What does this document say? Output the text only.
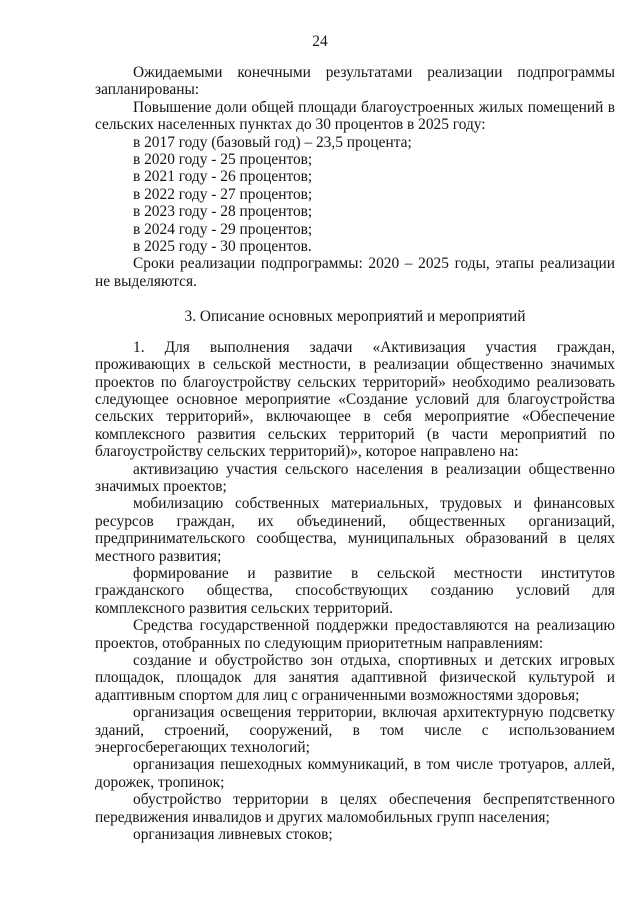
24

Ожидаемыми конечными результатами реализации подпрограммы запланированы:

Повышение доли общей площади благоустроенных жилых помещений в сельских населенных пунктах до 30 процентов в 2025 году:

в 2017 году (базовый год) – 23,5 процента;

в 2020 году - 25 процентов;

в 2021 году - 26 процентов;

в 2022 году - 27 процентов;

в 2023 году - 28 процентов;

в 2024 году - 29 процентов;

в 2025 году - 30 процентов.

Сроки реализации подпрограммы: 2020 – 2025 годы, этапы реализации не выделяются.

3. Описание основных мероприятий и мероприятий

1. Для выполнения задачи «Активизация участия граждан, проживающих в сельской местности, в реализации общественно значимых проектов по благоустройству сельских территорий» необходимо реализовать следующее основное мероприятие «Создание условий для благоустройства сельских территорий», включающее в себя мероприятие «Обеспечение комплексного развития сельских территорий (в части мероприятий по благоустройству сельских территорий)», которое направлено на:

активизацию участия сельского населения в реализации общественно значимых проектов;

мобилизацию собственных материальных, трудовых и финансовых ресурсов граждан, их объединений, общественных организаций, предпринимательского сообщества, муниципальных образований в целях местного развития;

формирование и развитие в сельской местности институтов гражданского общества, способствующих созданию условий для комплексного развития сельских территорий.

Средства государственной поддержки предоставляются на реализацию проектов, отобранных по следующим приоритетным направлениям:

создание и обустройство зон отдыха, спортивных и детских игровых площадок, площадок для занятия адаптивной физической культурой и адаптивным спортом для лиц с ограниченными возможностями здоровья;

организация освещения территории, включая архитектурную подсветку зданий, строений, сооружений, в том числе с использованием энергосберегающих технологий;

организация пешеходных коммуникаций, в том числе тротуаров, аллей, дорожек, тропинок;

обустройство территории в целях обеспечения беспрепятственного передвижения инвалидов и других маломобильных групп населения;

организация ливневых стоков;
